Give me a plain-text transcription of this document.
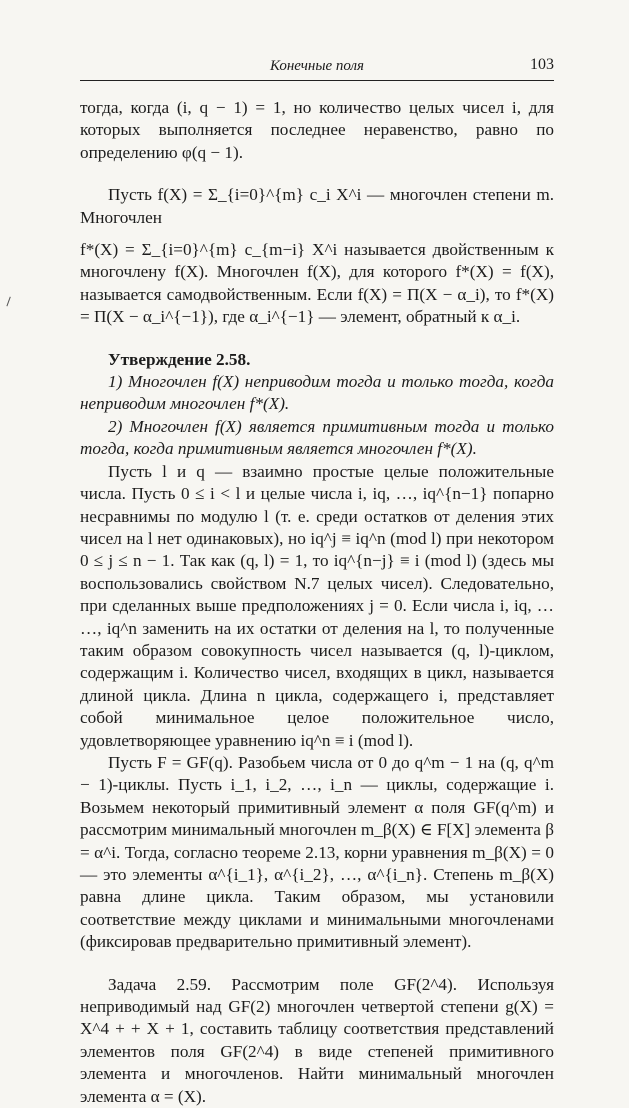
Конечные поля	103

тогда, когда (i, q − 1) = 1, но количество целых чисел i, для которых выполняется последнее неравенство, равно по определению φ(q − 1).

Пусть f(X) = Σ_{i=0}^{m} c_i X^i — многочлен степени m. Многочлен

f*(X) = Σ_{i=0}^{m} c_{m−i} X^i называется двойственным к многочлену f(X). Многочлен f(X), для которого f*(X) = f(X), называется самодвойственным. Если f(X) = Π(X − α_i), то f*(X) = Π(X − α_i^{−1}), где α_i^{−1} — элемент, обратный к α_i.

Утверждение 2.58.

1) Многочлен f(X) неприводим тогда и только тогда, когда неприводим многочлен f*(X).

2) Многочлен f(X) является примитивным тогда и только тогда, когда примитивным является многочлен f*(X).

Пусть l и q — взаимно простые целые положительные числа. Пусть 0 ≤ i < l и целые числа i, iq, …, iq^{n−1} попарно несравнимы по модулю l (т. е. среди остатков от деления этих чисел на l нет одинаковых), но iq^j ≡ iq^n (mod l) при некотором 0 ≤ j ≤ n − 1. Так как (q, l) = 1, то iq^{n−j} ≡ i (mod l) (здесь мы воспользовались свойством N.7 целых чисел). Следовательно, при сделанных выше предположениях j = 0. Если числа i, iq, … …, iq^n заменить на их остатки от деления на l, то полученные таким образом совокупность чисел называется (q, l)-циклом, содержащим i. Количество чисел, входящих в цикл, называется длиной цикла. Длина n цикла, содержащего i, представляет собой минимальное целое положительное число, удовлетворяющее уравнению iq^n ≡ i (mod l).

Пусть F = GF(q). Разобьем числа от 0 до q^m − 1 на (q, q^m − 1)-циклы. Пусть i_1, i_2, …, i_n — циклы, содержащие i. Возьмем некоторый примитивный элемент α поля GF(q^m) и рассмотрим минимальный многочлен m_β(X) ∈ F[X] элемента β = α^i. Тогда, согласно теореме 2.13, корни уравнения m_β(X) = 0 — это элементы α^{i_1}, α^{i_2}, …, α^{i_n}. Степень m_β(X) равна длине цикла. Таким образом, мы установили соответствие между циклами и минимальными многочленами (фиксировав предварительно примитивный элемент).

Задача 2.59. Рассмотрим поле GF(2^4). Используя неприводимый над GF(2) многочлен четвертой степени g(X) = X^4 + + X + 1, составить таблицу соответствия представлений элементов поля GF(2^4) в виде степеней примитивного элемента и многочленов. Найти минимальный многочлен элемента α = (X).
